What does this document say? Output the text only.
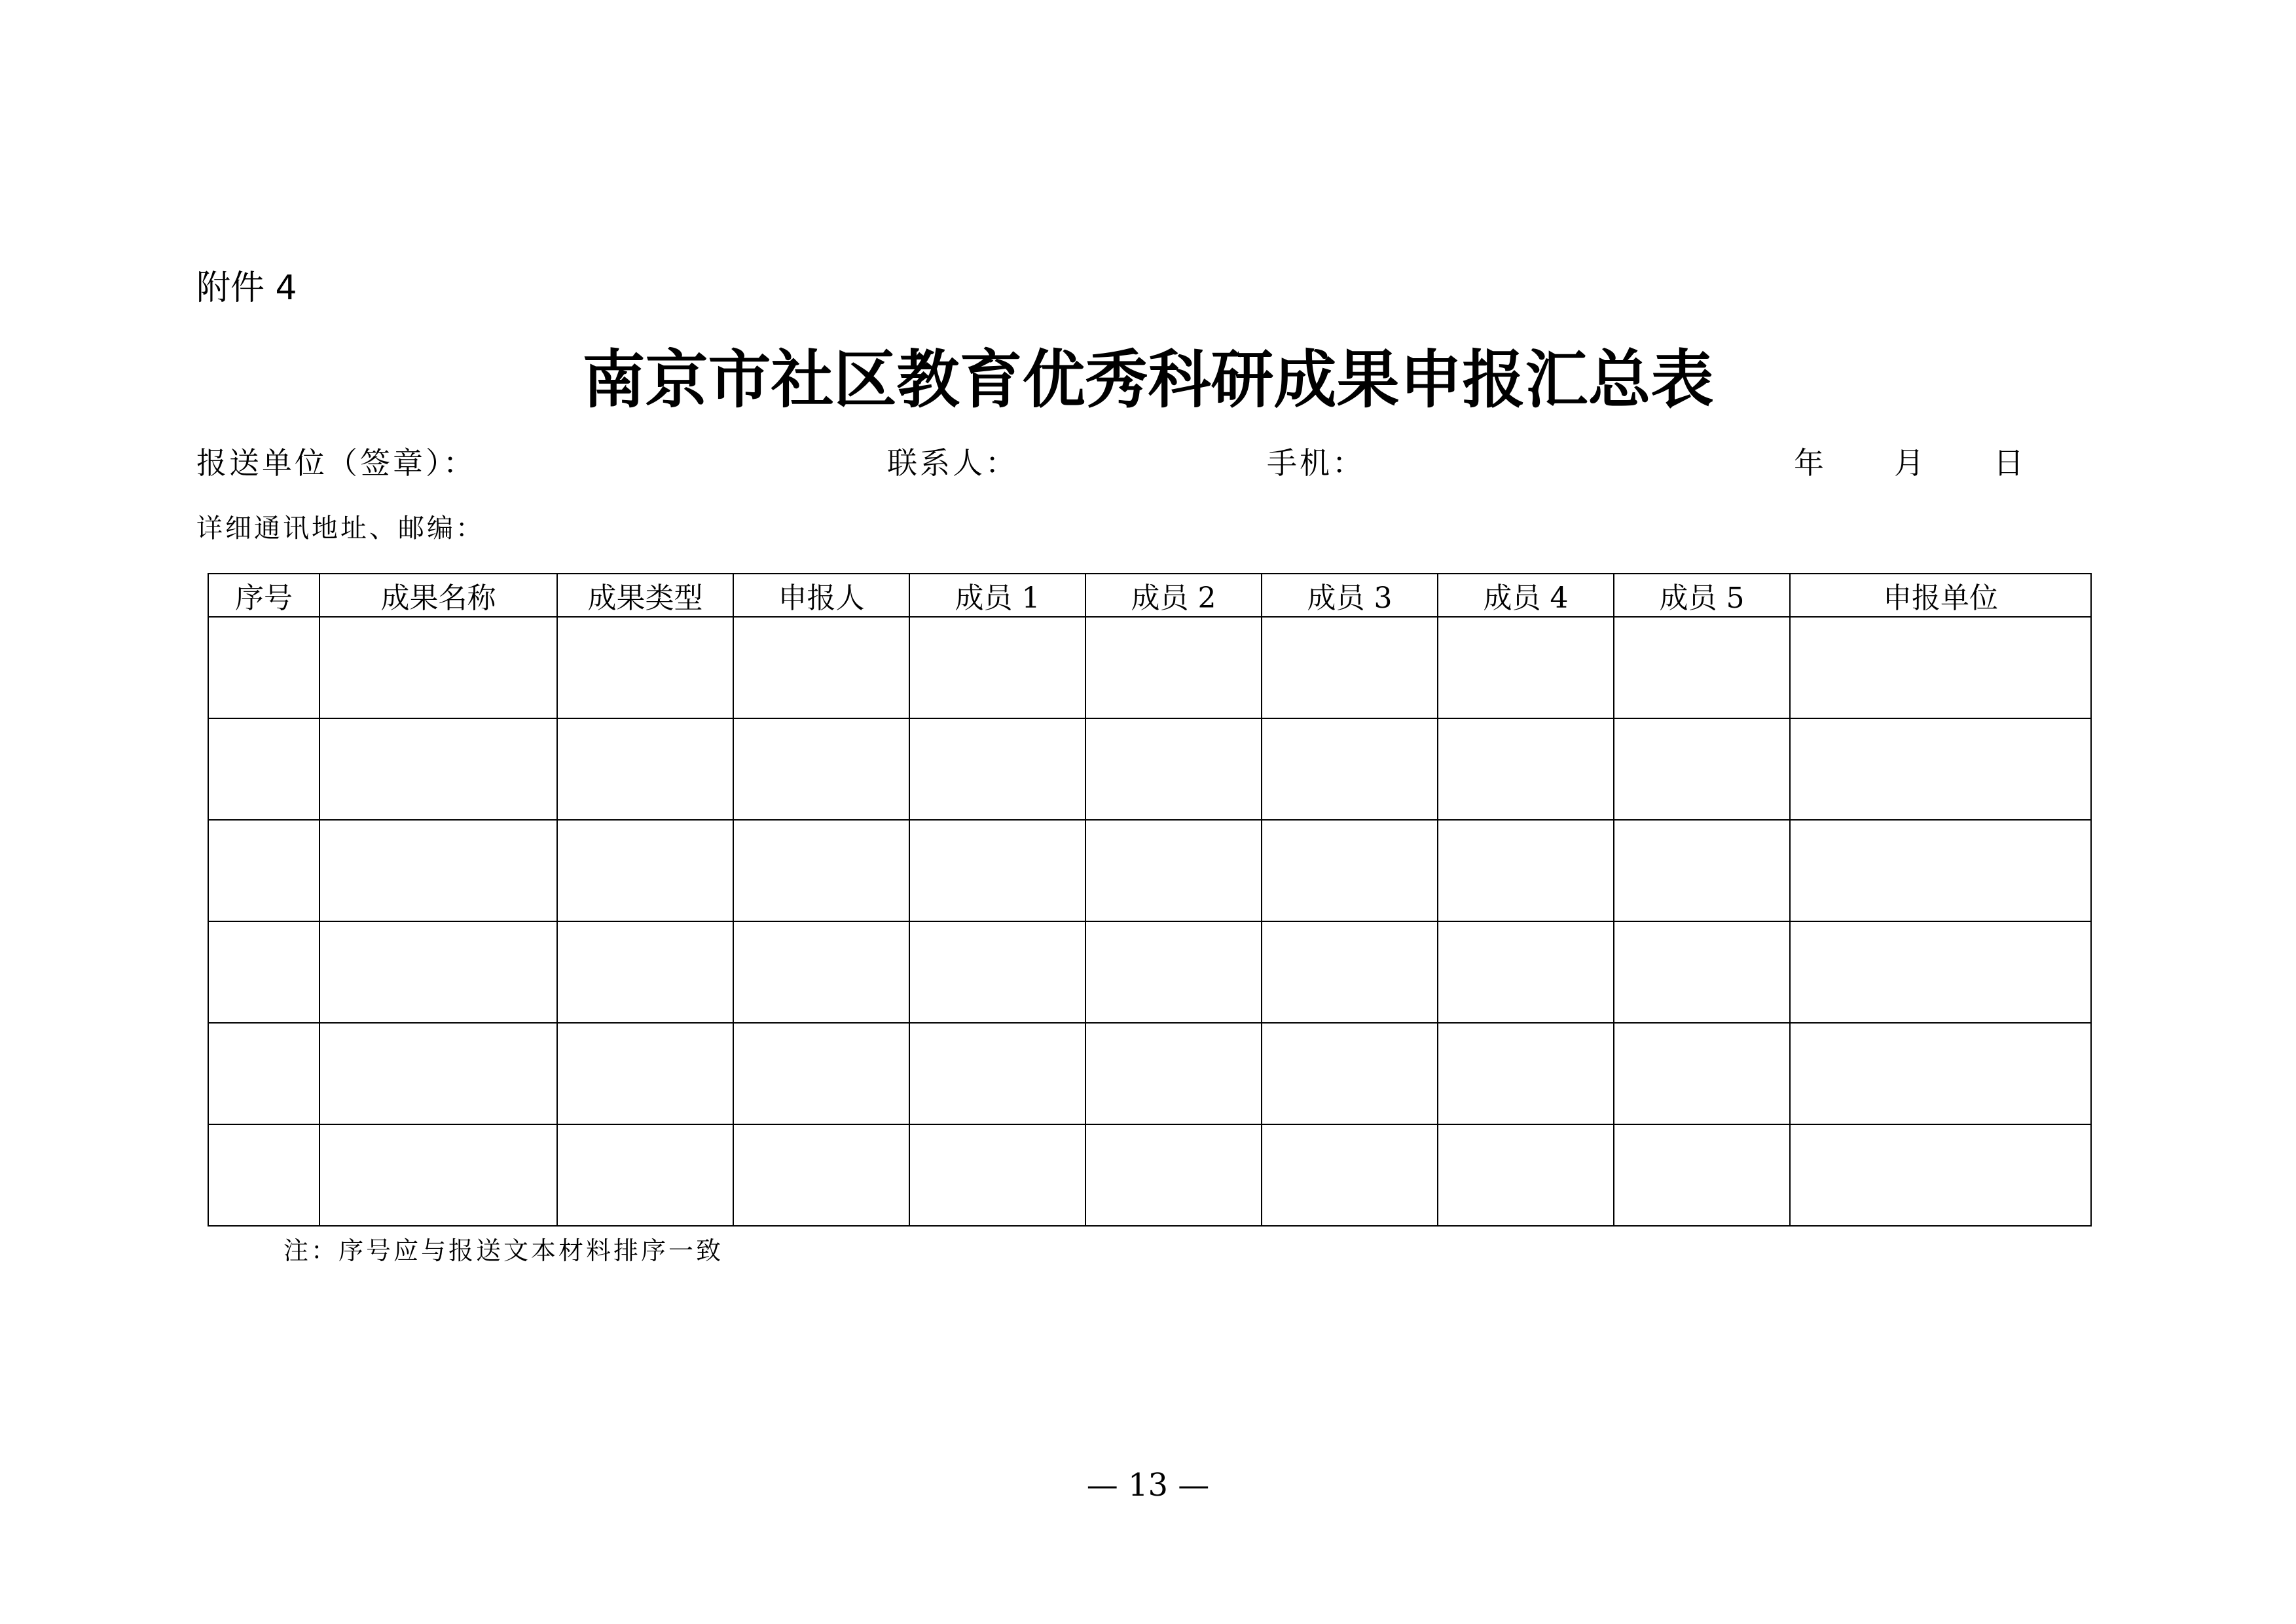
附件 4
南京市社区教育优秀科研成果申报汇总表
报送单位（签章）：	联系人：	手机：	年 月 日
详细通讯地址、邮编：
序号	成果名称	成果类型	申报人	成员 1	成员 2	成员 3	成员 4	成员 5	申报单位

注：序号应与报送文本材料排序一致
— 13 —
